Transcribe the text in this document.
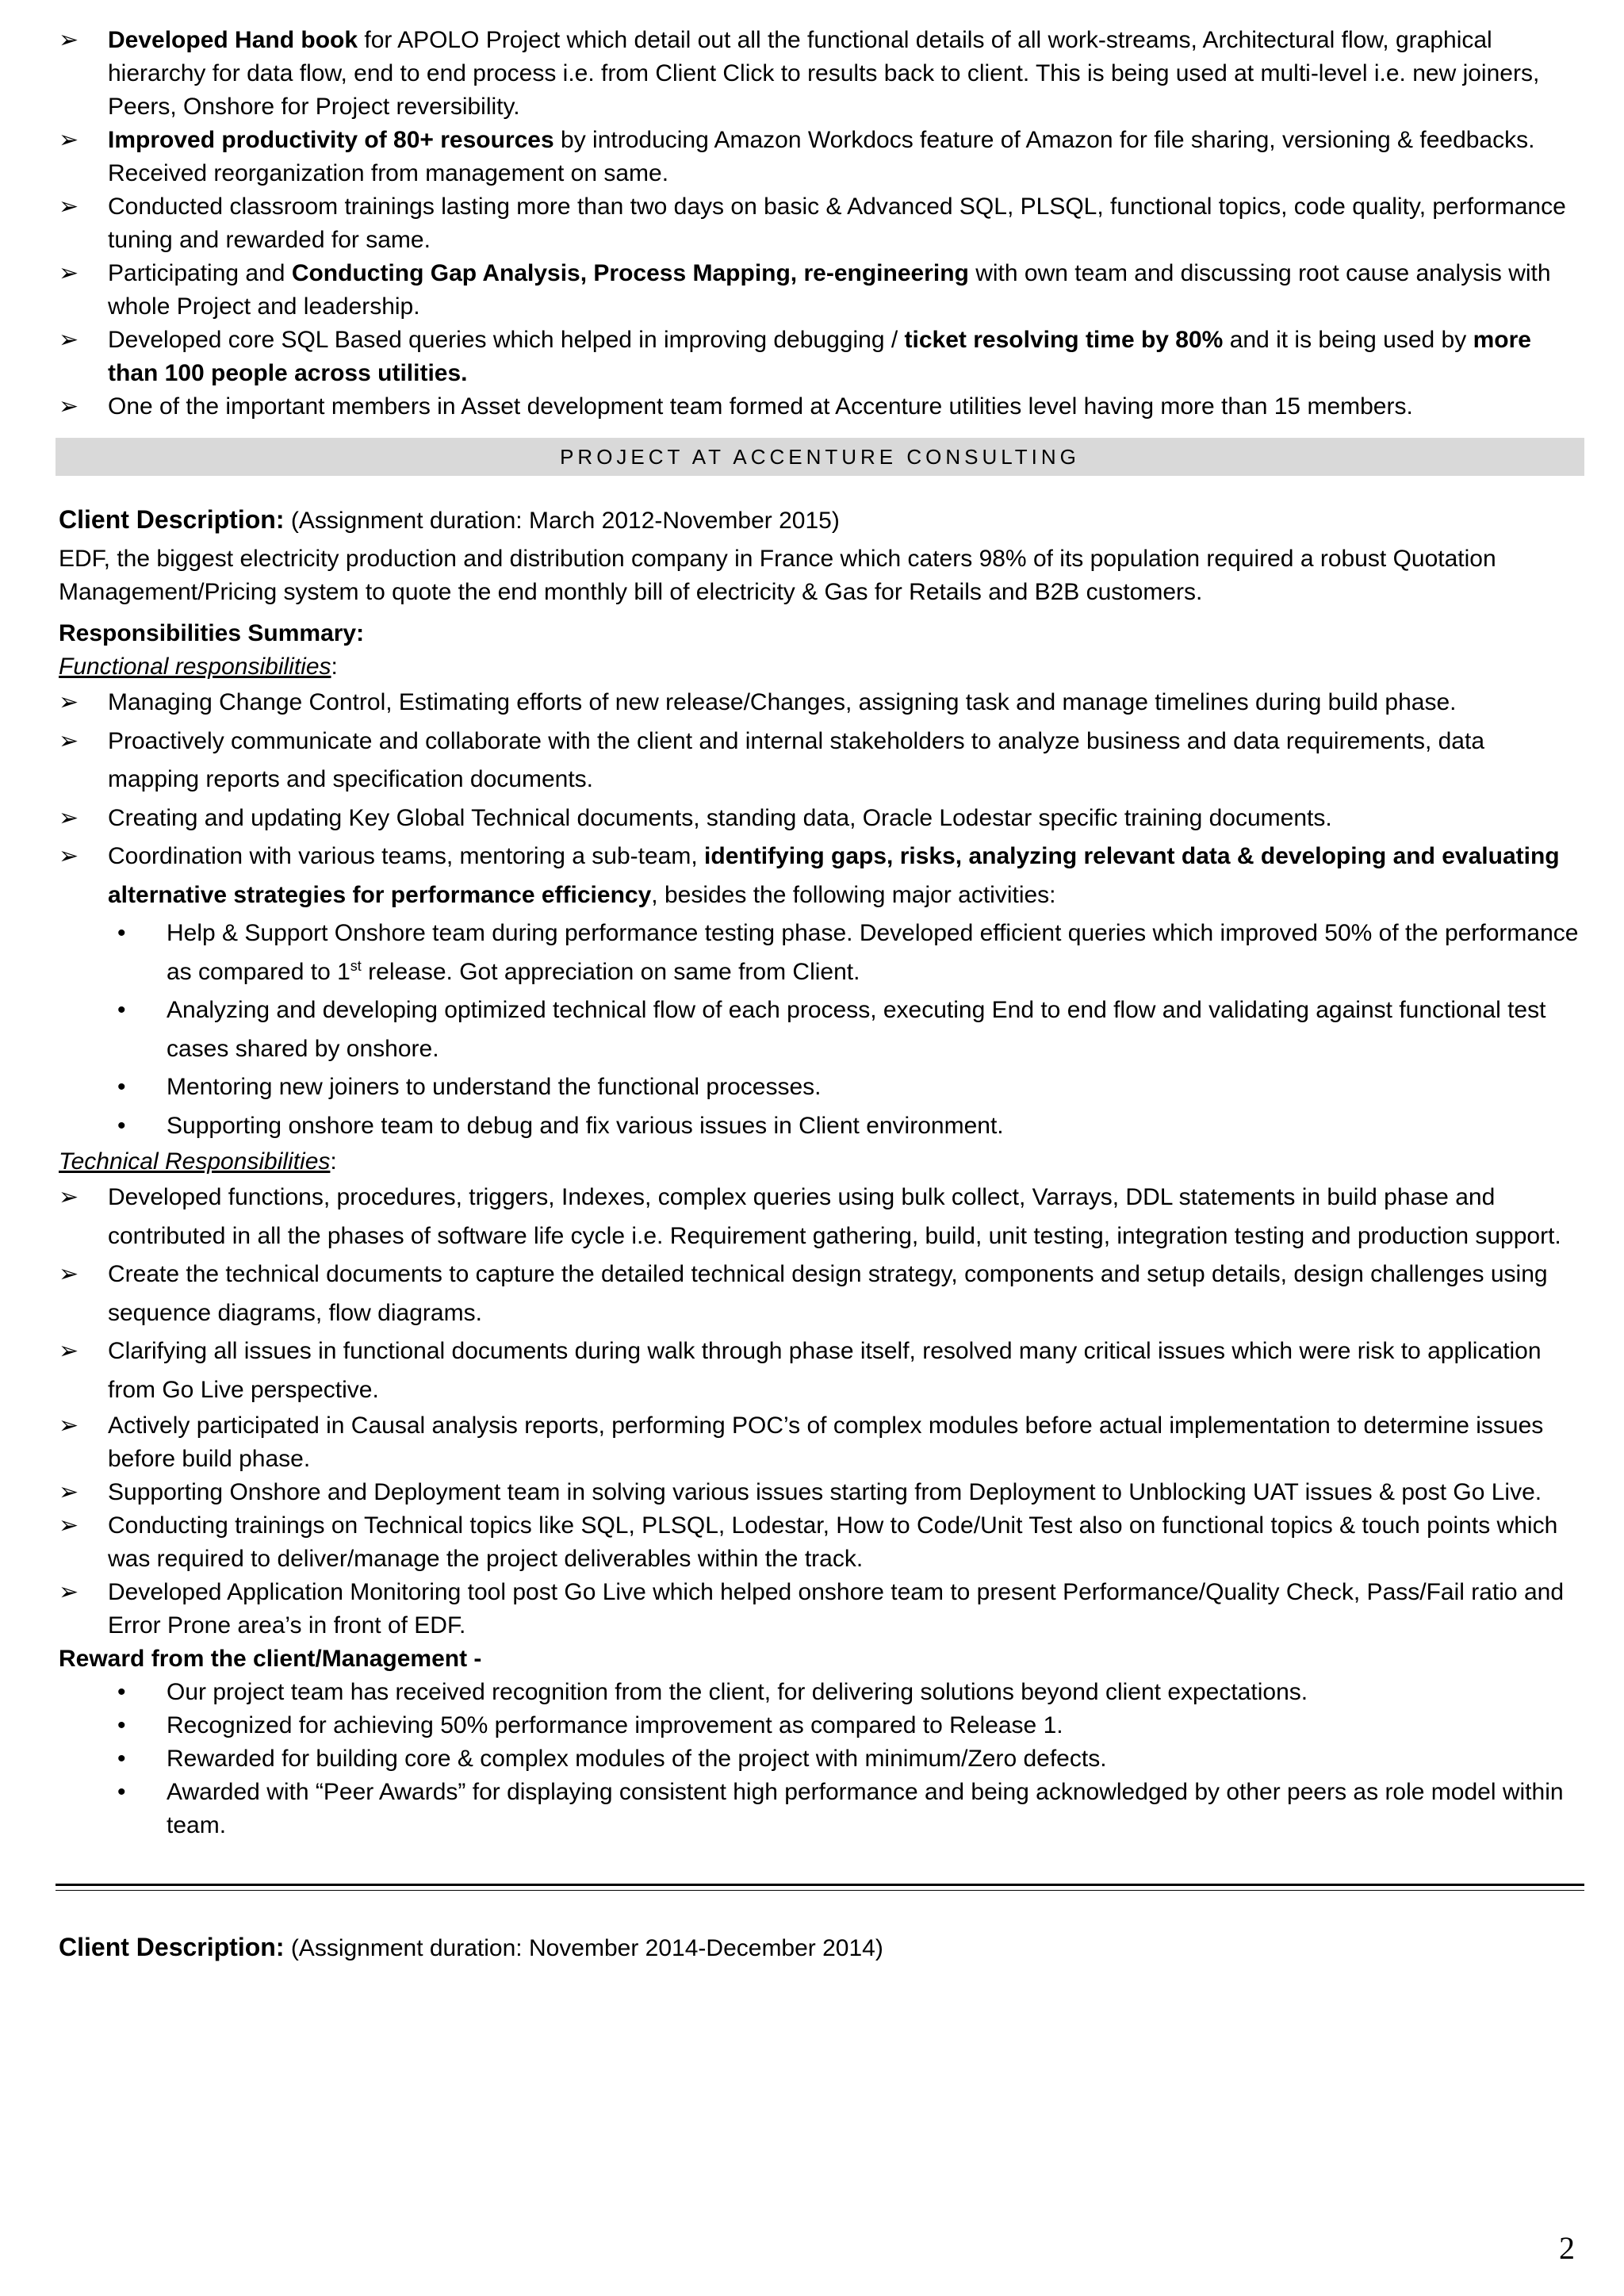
➢	Developed Hand book for APOLO Project which detail out all the functional details of all work-streams, Architectural flow, graphical hierarchy for data flow, end to end process i.e. from Client Click to results back to client. This is being used at multi-level i.e. new joiners, Peers, Onshore for Project reversibility.
➢	Improved productivity of 80+ resources by introducing Amazon Workdocs feature of Amazon for file sharing, versioning & feedbacks. Received reorganization from management on same.
➢	Conducted classroom trainings lasting more than two days on basic & Advanced SQL, PLSQL, functional topics, code quality, performance tuning and rewarded for same.
➢	Participating and Conducting Gap Analysis, Process Mapping, re-engineering with own team and discussing root cause analysis with whole Project and leadership.
➢	Developed core SQL Based queries which helped in improving debugging / ticket resolving time by 80% and it is being used by more than 100 people across utilities.
➢	One of the important members in Asset development team formed at Accenture utilities level having more than 15 members.
PROJECT AT ACCENTURE CONSULTING
Client Description: (Assignment duration: March 2012-November 2015)
EDF, the biggest electricity production and distribution company in France which caters 98% of its population required a robust Quotation Management/Pricing system to quote the end monthly bill of electricity & Gas for Retails and B2B customers.
Responsibilities Summary:
Functional responsibilities:
➢	Managing Change Control, Estimating efforts of new release/Changes, assigning task and manage timelines during build phase.
➢	Proactively communicate and collaborate with the client and internal stakeholders to analyze business and data requirements, data mapping reports and specification documents.
➢	Creating and updating Key Global Technical documents, standing data, Oracle Lodestar specific training documents.
➢	Coordination with various teams, mentoring a sub-team, identifying gaps, risks, analyzing relevant data & developing and evaluating alternative strategies for performance efficiency, besides the following major activities:
• Help & Support Onshore team during performance testing phase. Developed efficient queries which improved 50% of the performance as compared to 1st release. Got appreciation on same from Client.
• Analyzing and developing optimized technical flow of each process, executing End to end flow and validating against functional test cases shared by onshore.
• Mentoring new joiners to understand the functional processes.
• Supporting onshore team to debug and fix various issues in Client environment.
Technical Responsibilities:
➢	Developed functions, procedures, triggers, Indexes, complex queries using bulk collect, Varrays, DDL statements in build phase and contributed in all the phases of software life cycle i.e. Requirement gathering, build, unit testing, integration testing and production support.
➢	Create the technical documents to capture the detailed technical design strategy, components and setup details, design challenges using sequence diagrams, flow diagrams.
➢	Clarifying all issues in functional documents during walk through phase itself, resolved many critical issues which were risk to application from Go Live perspective.
➢	Actively participated in Causal analysis reports, performing POC’s of complex modules before actual implementation to determine issues before build phase.
➢	Supporting Onshore and Deployment team in solving various issues starting from Deployment to Unblocking UAT issues & post Go Live.
➢	Conducting trainings on Technical topics like SQL, PLSQL, Lodestar, How to Code/Unit Test also on functional topics & touch points which was required to deliver/manage the project deliverables within the track.
➢	Developed Application Monitoring tool post Go Live which helped onshore team to present Performance/Quality Check, Pass/Fail ratio and Error Prone area’s in front of EDF.
Reward from the client/Management -
• Our project team has received recognition from the client, for delivering solutions beyond client expectations.
• Recognized for achieving 50% performance improvement as compared to Release 1.
• Rewarded for building core & complex modules of the project with minimum/Zero defects.
• Awarded with “Peer Awards” for displaying consistent high performance and being acknowledged by other peers as role model within team.
Client Description: (Assignment duration: November 2014-December 2014)
2
